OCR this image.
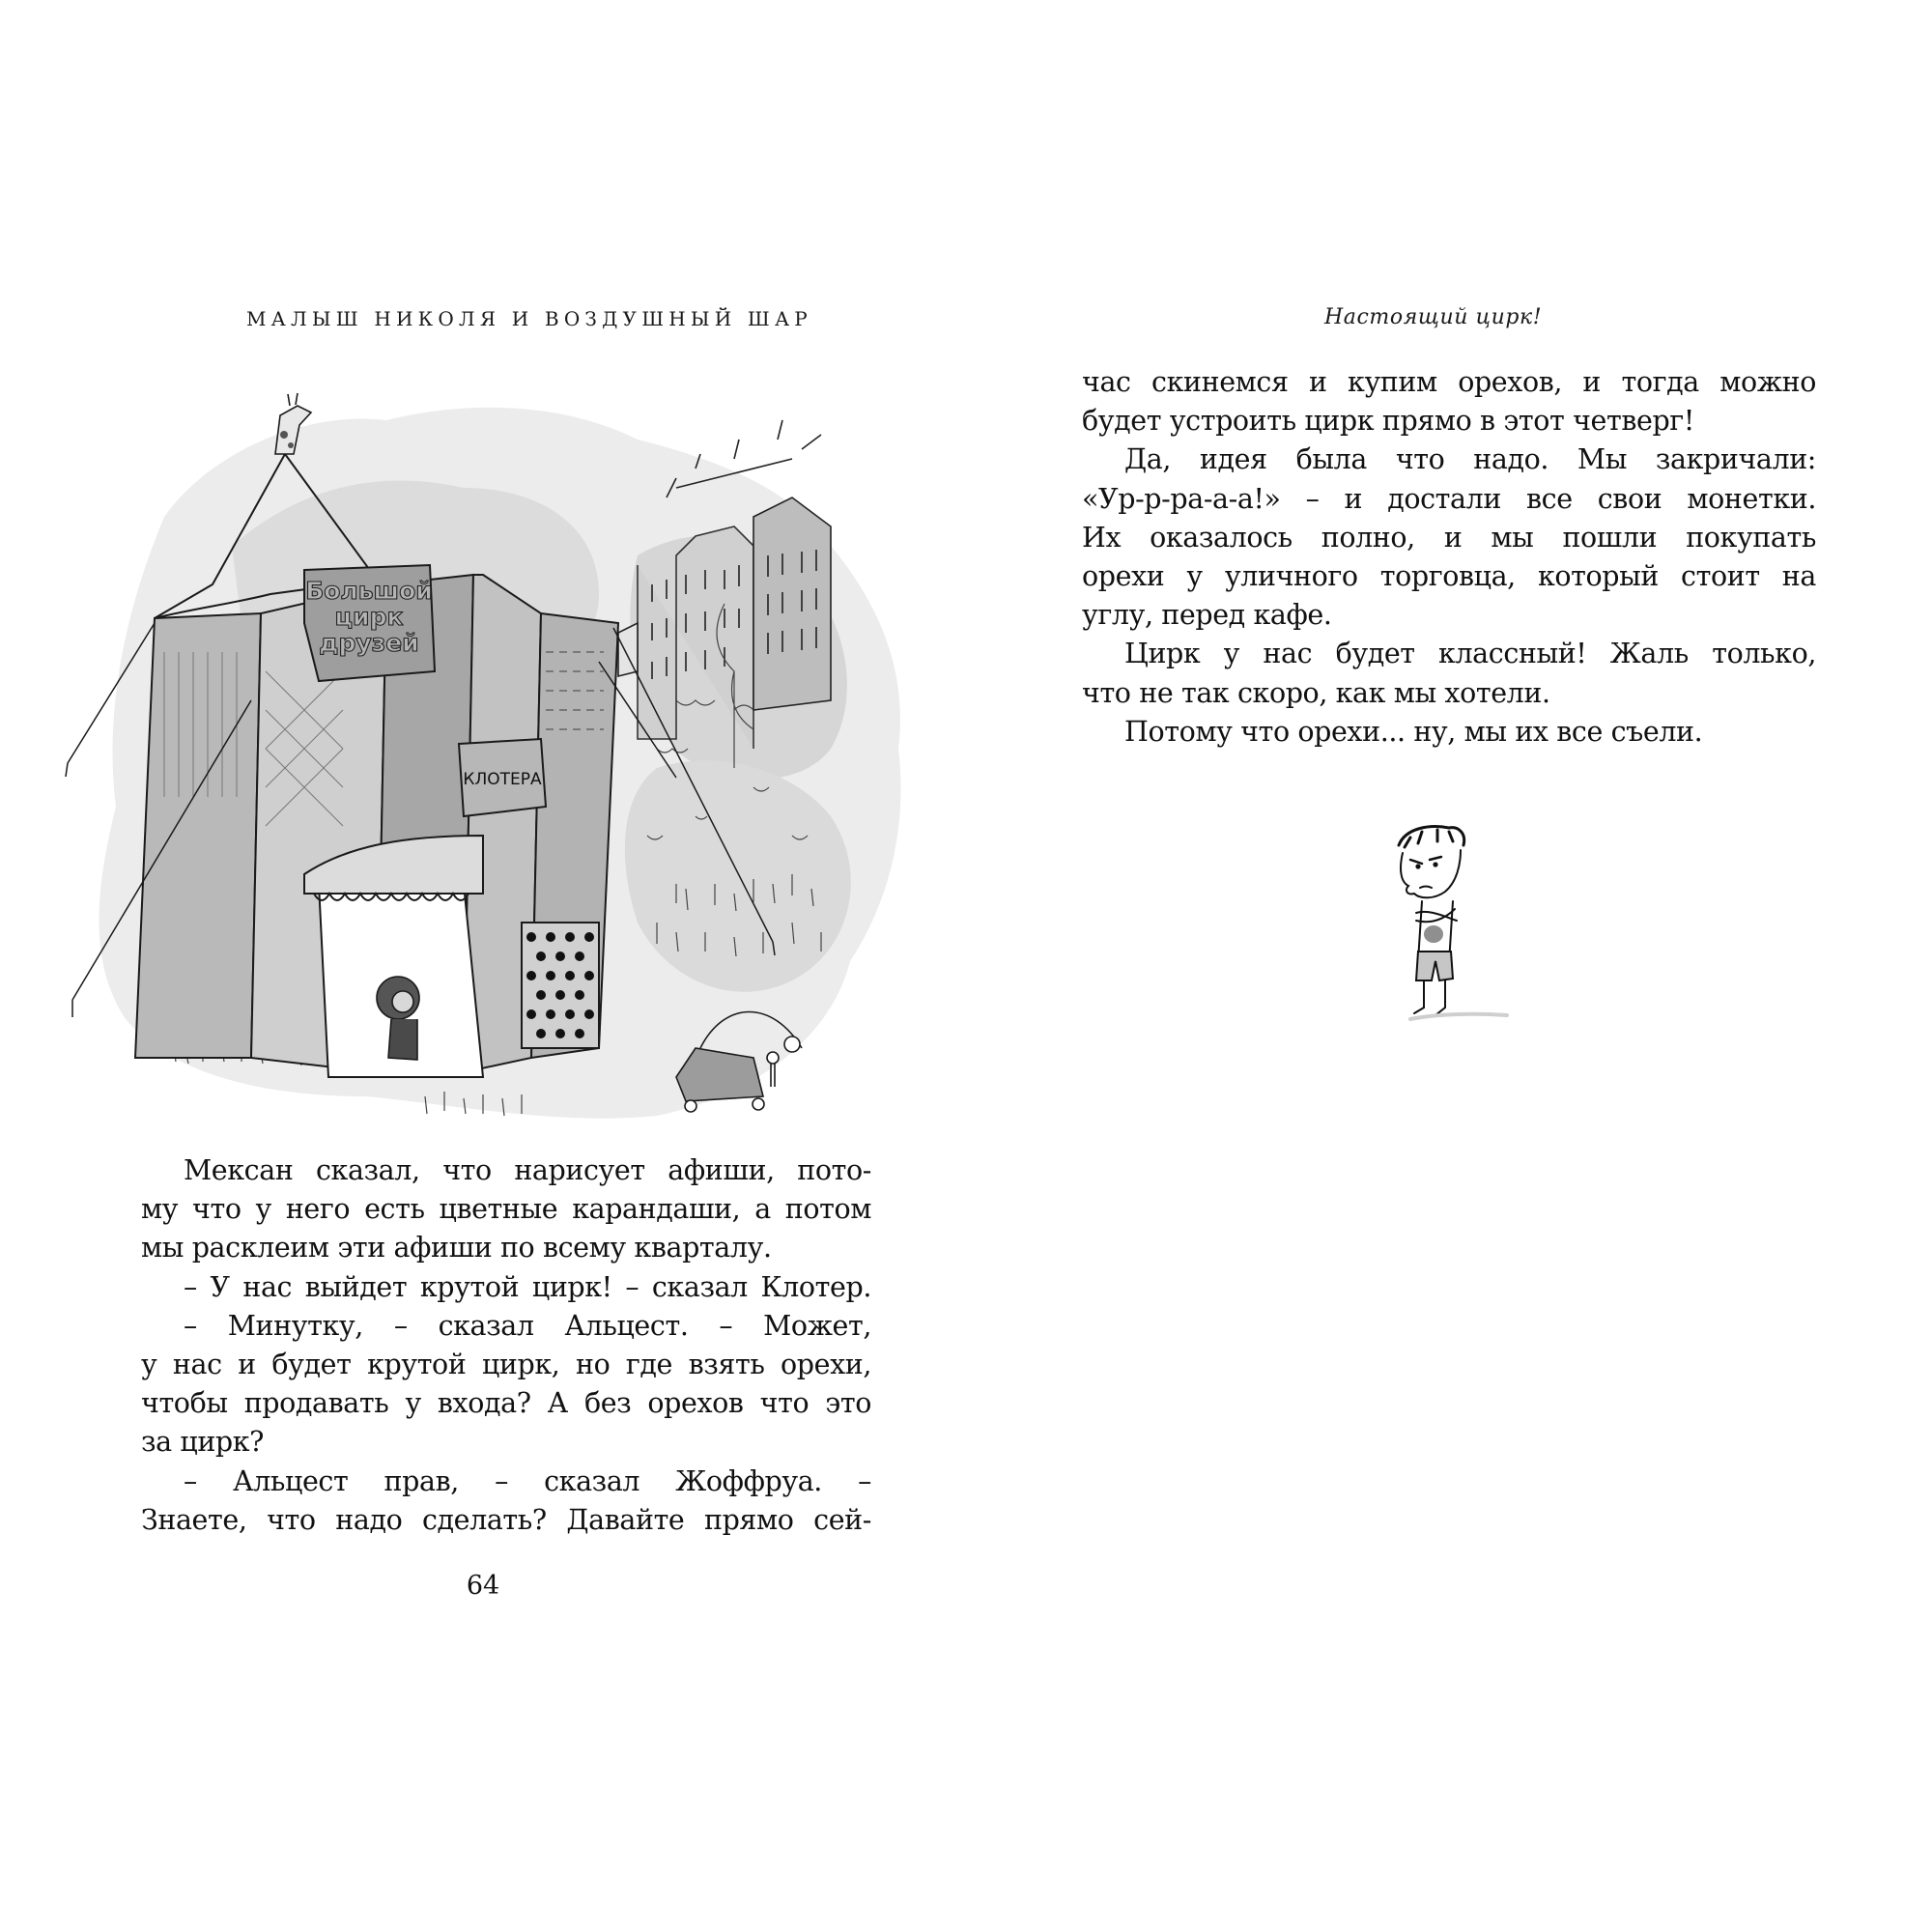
МАЛЫШ НИКОЛЯ И ВОЗДУШНЫЙ ШАР
Большой
цирк
друзей
КЛОТЕРА
Мексан сказал, что нарисует афиши, пото-
му что у него есть цветные карандаши, а потом
мы расклеим эти афиши по всему кварталу.
– У нас выйдет крутой цирк! – сказал Клотер.
– Минутку, – сказал Альцест. – Может,
у нас и будет крутой цирк, но где взять орехи,
чтобы продавать у входа? А без орехов что это
за цирк?
– Альцест прав, – сказал Жоффруа. –
Знаете, что надо сделать? Давайте прямо сей-
64
Настоящий цирк!
час скинемся и купим орехов, и тогда можно
будет устроить цирк прямо в этот четверг!
Да, идея была что надо. Мы закричали:
«Ур-р-ра-а-а!» – и достали все свои монетки.
Их оказалось полно, и мы пошли покупать
орехи у уличного торговца, который стоит на
углу, перед кафе.
Цирк у нас будет классный! Жаль только,
что не так скоро, как мы хотели.
Потому что орехи... ну, мы их все съели.
